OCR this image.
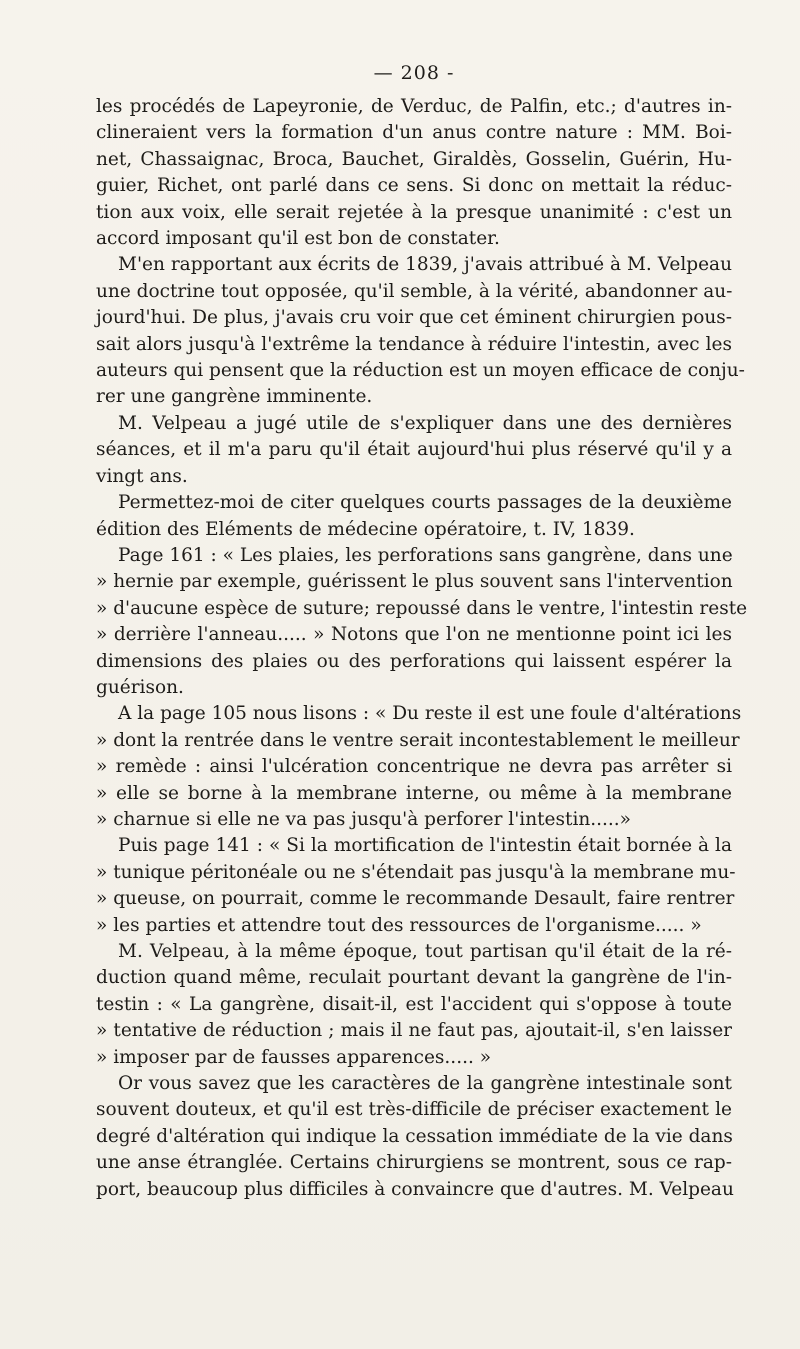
— 208 -
les procédés de Lapeyronie, de Verduc, de Palfin, etc.; d'autres in-
clineraient vers la formation d'un anus contre nature : MM. Boi-
net, Chassaignac, Broca, Bauchet, Giraldès, Gosselin, Guérin, Hu-
guier, Richet, ont parlé dans ce sens. Si donc on mettait la réduc-
tion aux voix, elle serait rejetée à la presque unanimité : c'est un
accord imposant qu'il est bon de constater.
M'en rapportant aux écrits de 1839, j'avais attribué à M. Velpeau
une doctrine tout opposée, qu'il semble, à la vérité, abandonner au-
jourd'hui. De plus, j'avais cru voir que cet éminent chirurgien pous-
sait alors jusqu'à l'extrême la tendance à réduire l'intestin, avec les
auteurs qui pensent que la réduction est un moyen efficace de conju-
rer une gangrène imminente.
M. Velpeau a jugé utile de s'expliquer dans une des dernières
séances, et il m'a paru qu'il était aujourd'hui plus réservé qu'il y a
vingt ans.
Permettez-moi de citer quelques courts passages de la deuxième
édition des Eléments de médecine opératoire, t. IV, 1839.
Page 161 : « Les plaies, les perforations sans gangrène, dans une
» hernie par exemple, guérissent le plus souvent sans l'intervention
» d'aucune espèce de suture; repoussé dans le ventre, l'intestin reste
» derrière l'anneau..... » Notons que l'on ne mentionne point ici les
dimensions des plaies ou des perforations qui laissent espérer la
guérison.
A la page 105 nous lisons : « Du reste il est une foule d'altérations
» dont la rentrée dans le ventre serait incontestablement le meilleur
» remède : ainsi l'ulcération concentrique ne devra pas arrêter si
» elle se borne à la membrane interne, ou même à la membrane
» charnue si elle ne va pas jusqu'à perforer l'intestin.....»
Puis page 141 : « Si la mortification de l'intestin était bornée à la
» tunique péritonéale ou ne s'étendait pas jusqu'à la membrane mu-
» queuse, on pourrait, comme le recommande Desault, faire rentrer
» les parties et attendre tout des ressources de l'organisme..... »
M. Velpeau, à la même époque, tout partisan qu'il était de la ré-
duction quand même, reculait pourtant devant la gangrène de l'in-
testin : « La gangrène, disait-il, est l'accident qui s'oppose à toute
» tentative de réduction ; mais il ne faut pas, ajoutait-il, s'en laisser
» imposer par de fausses apparences..... »
Or vous savez que les caractères de la gangrène intestinale sont
souvent douteux, et qu'il est très-difficile de préciser exactement le
degré d'altération qui indique la cessation immédiate de la vie dans
une anse étranglée. Certains chirurgiens se montrent, sous ce rap-
port, beaucoup plus difficiles à convaincre que d'autres. M. Velpeau
